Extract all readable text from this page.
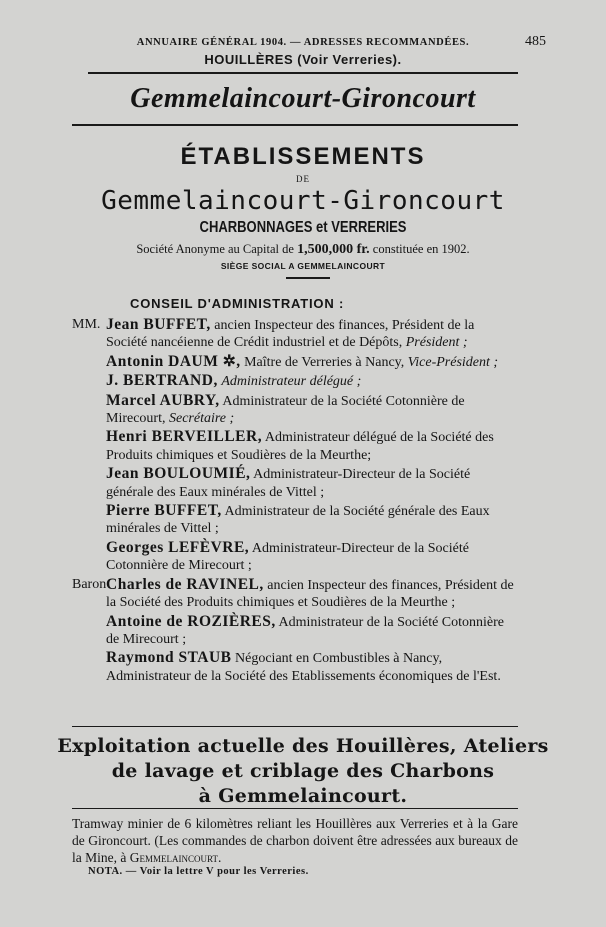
ANNUAIRE GÉNÉRAL 1904. — ADRESSES RECOMMANDÉES.	485
HOUILLÈRES (Voir Verreries).
Gemmelaincourt-Gironcourt
ÉTABLISSEMENTS
DE
Gemmelaincourt-Gironcourt
CHARBONNAGES et VERRERIES
Société Anonyme au Capital de 1,500,000 fr. constituée en 1902.
SIÈGE SOCIAL A GEMMELAINCOURT
CONSEIL D'ADMINISTRATION :
MM. Jean BUFFET, ancien Inspecteur des finances, Président de la Société nancéienne de Crédit industriel et de Dépôts, Président ;
Antonin DAUM ✲, Maître de Verreries à Nancy, Vice-Président ;
J. BERTRAND, Administrateur délégué ;
Marcel AUBRY, Administrateur de la Société Cotonnière de Mirecourt, Secrétaire ;
Henri BERVEILLER, Administrateur délégué de la Société des Produits chimiques et Soudières de la Meurthe;
Jean BOULOUMIÉ, Administrateur-Directeur de la Société générale des Eaux minérales de Vittel ;
Pierre BUFFET, Administrateur de la Société générale des Eaux minérales de Vittel ;
Georges LEFÈVRE, Administrateur-Directeur de la Société Cotonnière de Mirecourt ;
Baron Charles de RAVINEL, ancien Inspecteur des finances, Président de la Société des Produits chimiques et Soudières de la Meurthe ;
Antoine de ROZIÈRES, Administrateur de la Société Cotonnière de Mirecourt ;
Raymond STAUB Négociant en Combustibles à Nancy, Administrateur de la Société des Etablissements économiques de l'Est.
Exploitation actuelle des Houillères, Ateliers
de lavage et criblage des Charbons
à Gemmelaincourt.
Tramway minier de 6 kilomètres reliant les Houillères aux Verreries et à la Gare de Gironcourt. (Les commandes de charbon doivent être adressées aux bureaux de la Mine, à Gemmelaincourt.
NOTA. — Voir la lettre V pour les Verreries.
